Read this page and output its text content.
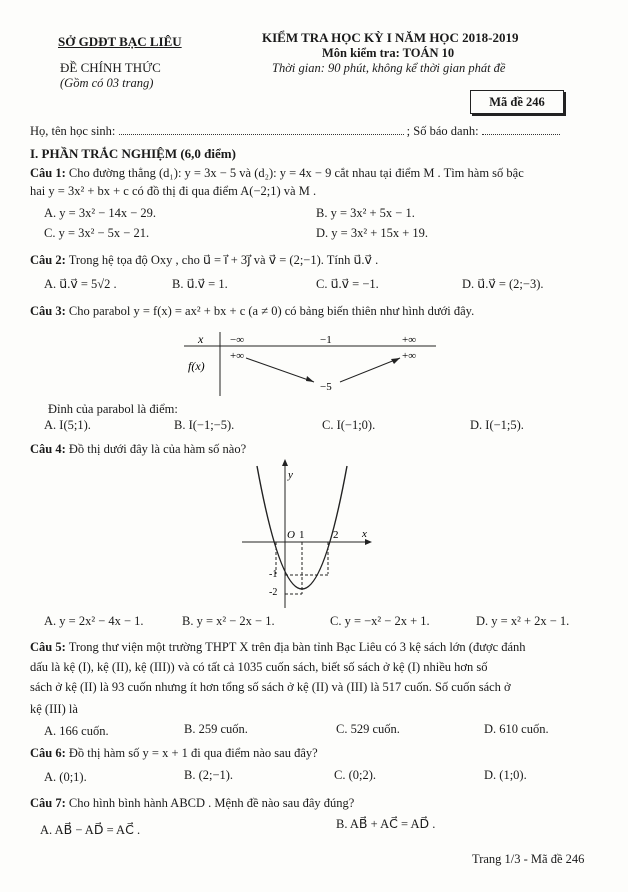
SỞ GDĐT BẠC LIÊU
ĐỀ CHÍNH THỨC
(Gồm có 03 trang)
KIỂM TRA HỌC KỲ I NĂM HỌC 2018-2019
Môn kiểm tra: TOÁN 10
Thời gian: 90 phút, không kể thời gian phát đề
Mã đề 246
Họ, tên học sinh:	; Số báo danh:
I. PHẦN TRẮC NGHIỆM (6,0 điểm)
Câu 1: Cho đường thẳng (d₁): y = 3x − 5 và (d₂): y = 4x − 9 cắt nhau tại điểm M . Tìm hàm số bậc
hai y = 3x² + bx + c có đồ thị đi qua điểm A(−2;1) và M .
A. y = 3x² − 14x − 29.	B. y = 3x² + 5x − 1.
C. y = 3x² − 5x − 21.	D. y = 3x² + 15x + 19.
Câu 2: Trong hệ tọa độ Oxy , cho u⃗ = i⃗ + 3j⃗ và v⃗ = (2;−1). Tính u⃗.v⃗ .
A. u⃗.v⃗ = 5√2 .	B. u⃗.v⃗ = 1.	C. u⃗.v⃗ = −1.	D. u⃗.v⃗ = (2;−3).
Câu 3: Cho parabol y = f(x) = ax² + bx + c (a ≠ 0) có bảng biến thiên như hình dưới đây.
x
f(x)
−∞	−1	+∞
+∞	+∞
−5
Đỉnh của parabol là điểm:
A. I(5;1).	B. I(−1;−5).	C. I(−1;0).	D. I(−1;5).
Câu 4: Đồ thị dưới đây là của hàm số nào?
y
x
O 1	2
-1
-2
A. y = 2x² − 4x − 1.	B. y = x² − 2x − 1.	C. y = −x² − 2x + 1.	D. y = x² + 2x − 1.
Câu 5: Trong thư viện một trường THPT X trên địa bàn tỉnh Bạc Liêu có 3 kệ sách lớn (được đánh
dấu là kệ (I), kệ (II), kệ (III)) và có tất cả 1035 cuốn sách, biết số sách ở kệ (I) nhiều hơn số
sách ở kệ (II) là 93 cuốn nhưng ít hơn tổng số sách ở kệ (II) và (III) là 517 cuốn. Số cuốn sách ở
kệ (III) là
A. 166 cuốn.	B. 259 cuốn.	C. 529 cuốn.	D. 610 cuốn.
Câu 6: Đồ thị hàm số y = x + 1 đi qua điểm nào sau đây?
A. (0;1).	B. (2;−1).	C. (0;2).	D. (1;0).
Câu 7: Cho hình bình hành ABCD . Mệnh đề nào sau đây đúng?
A. AB⃗ − AD⃗ = AC⃗ .	B. AB⃗ + AC⃗ = AD⃗ .
Trang 1/3 - Mã đề 246
